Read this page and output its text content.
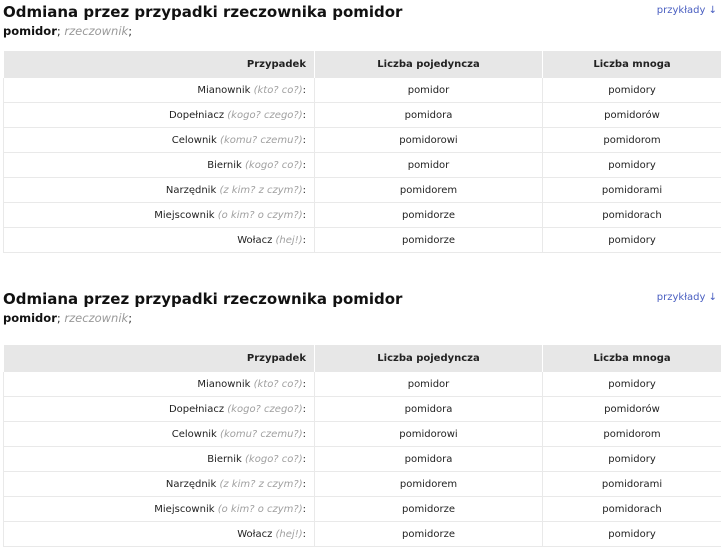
Odmiana przez przypadki rzeczownika pomidor	przykłady ↓
pomidor; rzeczownik;
Przypadek	Liczba pojedyncza	Liczba mnoga
Mianownik (kto? co?):	pomidor	pomidory
Dopełniacz (kogo? czego?):	pomidora	pomidorów
Celownik (komu? czemu?):	pomidorowi	pomidorom
Biernik (kogo? co?):	pomidor	pomidory
Narzędnik (z kim? z czym?):	pomidorem	pomidorami
Miejscownik (o kim? o czym?):	pomidorze	pomidorach
Wołacz (hej!):	pomidorze	pomidory
Odmiana przez przypadki rzeczownika pomidor	przykłady ↓
pomidor; rzeczownik;
Przypadek	Liczba pojedyncza	Liczba mnoga
Mianownik (kto? co?):	pomidor	pomidory
Dopełniacz (kogo? czego?):	pomidora	pomidorów
Celownik (komu? czemu?):	pomidorowi	pomidorom
Biernik (kogo? co?):	pomidora	pomidory
Narzędnik (z kim? z czym?):	pomidorem	pomidorami
Miejscownik (o kim? o czym?):	pomidorze	pomidorach
Wołacz (hej!):	pomidorze	pomidory
